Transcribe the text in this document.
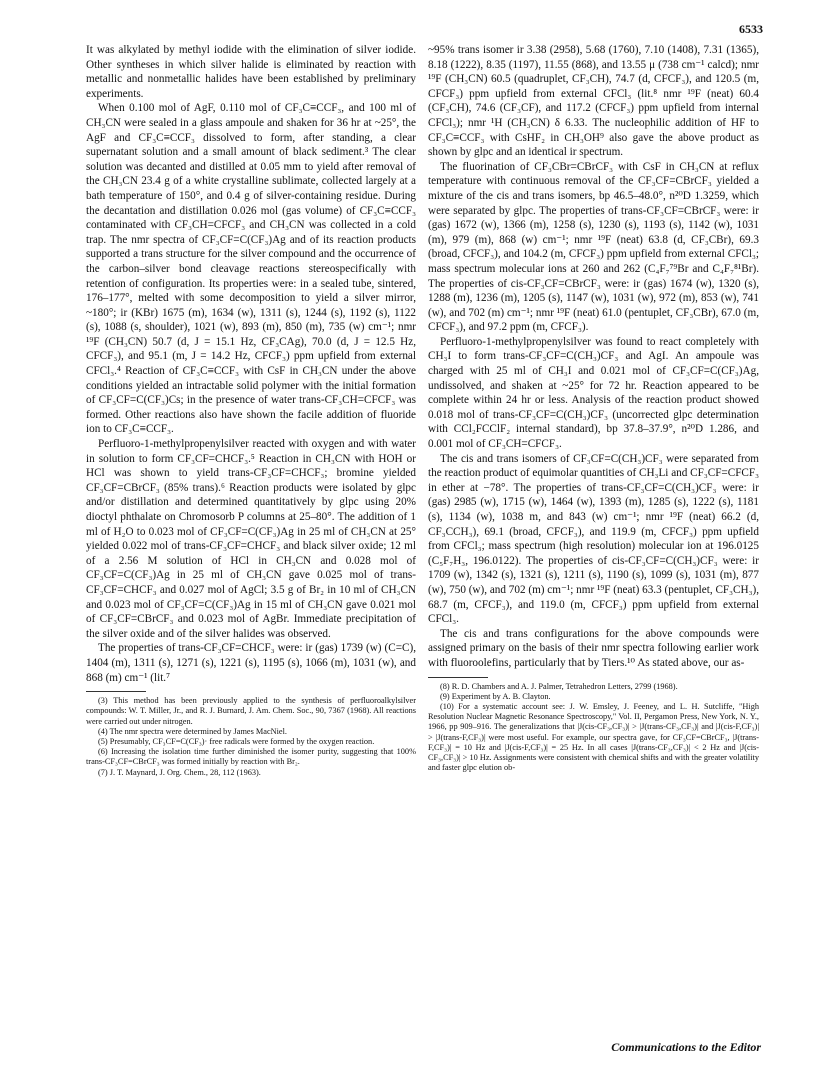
6533

It was alkylated by methyl iodide with the elimination of silver iodide. Other syntheses in which silver halide is eliminated by reaction with metallic and nonmetallic halides have been established by preliminary experiments.

When 0.100 mol of AgF, 0.110 mol of CF₃C≡CCF₃, and 100 ml of CH₃CN were sealed in a glass ampoule and shaken for 36 hr at ~25°, the AgF and CF₃C≡CCF₃ dissolved to form, after standing, a clear supernatant solution and a small amount of black sediment.³ The clear solution was decanted and distilled at 0.05 mm to yield after removal of the CH₃CN 23.4 g of a white crystalline sublimate, collected largely at a bath temperature of 150°, and 0.4 g of silver-containing residue. During the decantation and distillation 0.026 mol (gas volume) of CF₃C≡CCF₃ contaminated with CF₃CH=CFCF₃ and CH₃CN was collected in a cold trap. The nmr spectra of CF₃CF=C(CF₃)Ag and of its reaction products supported a trans structure for the silver compound and the occurrence of the carbon–silver bond cleavage reactions stereospecifically with retention of configuration. Its properties were: in a sealed tube, sintered, 176–177°, melted with some decomposition to yield a silver mirror, ~180°; ir (KBr) 1675 (m), 1634 (w), 1311 (s), 1244 (s), 1192 (s), 1122 (s), 1088 (s, shoulder), 1021 (w), 893 (m), 850 (m), 735 (w) cm⁻¹; nmr ¹⁹F (CH₃CN) 50.7 (d, J = 15.1 Hz, CF₃CAg), 70.0 (d, J = 12.5 Hz, CFCF₃), and 95.1 (m, J = 14.2 Hz, CFCF₃) ppm upfield from external CFCl₃.⁴ Reaction of CF₃C≡CCF₃ with CsF in CH₃CN under the above conditions yielded an intractable solid polymer with the initial formation of CF₃CF=C(CF₃)Cs; in the presence of water trans-CF₃CH=CFCF₃ was formed. Other reactions also have shown the facile addition of fluoride ion to CF₃C≡CCF₃.

Perfluoro-1-methylpropenylsilver reacted with oxygen and with water in solution to form CF₃CF=CHCF₃.⁵ Reaction in CH₃CN with HOH or HCl was shown to yield trans-CF₃CF=CHCF₃; bromine yielded CF₃CF=CBrCF₃ (85% trans).⁶ Reaction products were isolated by glpc and/or distillation and determined quantitatively by glpc using 20% dioctyl phthalate on Chromosorb P columns at 25–80°. The addition of 1 ml of H₂O to 0.023 mol of CF₃CF=C(CF₃)Ag in 25 ml of CH₃CN at 25° yielded 0.022 mol of trans-CF₃CF=CHCF₃ and black silver oxide; 12 ml of a 2.56 M solution of HCl in CH₃CN and 0.028 mol of CF₃CF=C(CF₃)Ag in 25 ml of CH₃CN gave 0.025 mol of trans-CF₃CF=CHCF₃ and 0.027 mol of AgCl; 3.5 g of Br₂ in 10 ml of CH₃CN and 0.023 mol of CF₃CF=C(CF₃)Ag in 15 ml of CH₃CN gave 0.021 mol of CF₃CF=CBrCF₃ and 0.023 mol of AgBr. Immediate precipitation of the silver oxide and of the silver halides was observed.

The properties of trans-CF₃CF=CHCF₃ were: ir (gas) 1739 (w) (C=C), 1404 (m), 1311 (s), 1271 (s), 1221 (s), 1195 (s), 1066 (m), 1031 (w), and 868 (m) cm⁻¹ (lit.⁷

(3) This method has been previously applied to the synthesis of perfluoroalkylsilver compounds: W. T. Miller, Jr., and R. J. Burnard, J. Am. Chem. Soc., 90, 7367 (1968). All reactions were carried out under nitrogen.

(4) The nmr spectra were determined by James MacNiel.

(5) Presumably, CF₃CF=C(CF₃)· free radicals were formed by the oxygen reaction.

(6) Increasing the isolation time further diminished the isomer purity, suggesting that 100% trans-CF₃CF=CBrCF₃ was formed initially by reaction with Br₂.

(7) J. T. Maynard, J. Org. Chem., 28, 112 (1963).

~95% trans isomer ir 3.38 (2958), 5.68 (1760), 7.10 (1408), 7.31 (1365), 8.18 (1222), 8.35 (1197), 11.55 (868), and 13.55 μ (738 cm⁻¹ calcd); nmr ¹⁹F (CH₃CN) 60.5 (quadruplet, CF₃CH), 74.7 (d, CFCF₃), and 120.5 (m, CFCF₃) ppm upfield from external CFCl₃ (lit.⁸ nmr ¹⁹F (neat) 60.4 (CF₃CH), 74.6 (CF₃CF), and 117.2 (CFCF₃) ppm upfield from internal CFCl₃); nmr ¹H (CH₃CN) δ 6.33. The nucleophilic addition of HF to CF₃C≡CCF₃ with CsHF₂ in CH₃OH⁹ also gave the above product as shown by glpc and an identical ir spectrum.

The fluorination of CF₃CBr=CBrCF₃ with CsF in CH₃CN at reflux temperature with continuous removal of the CF₃CF=CBrCF₃ yielded a mixture of the cis and trans isomers, bp 46.5–48.0°, n²⁰D 1.3259, which were separated by glpc. The properties of trans-CF₃CF=CBrCF₃ were: ir (gas) 1672 (w), 1366 (m), 1258 (s), 1230 (s), 1193 (s), 1142 (w), 1031 (m), 979 (m), 868 (w) cm⁻¹; nmr ¹⁹F (neat) 63.8 (d, CF₃CBr), 69.3 (broad, CFCF₃), and 104.2 (m, CFCF₃) ppm upfield from external CFCl₃; mass spectrum molecular ions at 260 and 262 (C₄F₇⁷⁹Br and C₄F₇⁸¹Br). The properties of cis-CF₃CF=CBrCF₃ were: ir (gas) 1674 (w), 1320 (s), 1288 (m), 1236 (m), 1205 (s), 1147 (w), 1031 (w), 972 (m), 853 (w), 741 (w), and 702 (m) cm⁻¹; nmr ¹⁹F (neat) 61.0 (pentuplet, CF₃CBr), 67.0 (m, CFCF₃), and 97.2 ppm (m, CFCF₃).

Perfluoro-1-methylpropenylsilver was found to react completely with CH₃I to form trans-CF₃CF=C(CH₃)CF₃ and AgI. An ampoule was charged with 25 ml of CH₃I and 0.021 mol of CF₃CF=C(CF₃)Ag, undissolved, and shaken at ~25° for 72 hr. Reaction appeared to be complete within 24 hr or less. Analysis of the reaction product showed 0.018 mol of trans-CF₃CF=C(CH₃)CF₃ (uncorrected glpc determination with CCl₂FCClF₂ internal standard), bp 37.8–37.9°, n²⁰D 1.286, and 0.001 mol of CF₃CH=CFCF₃.

The cis and trans isomers of CF₃CF=C(CH₃)CF₃ were separated from the reaction product of equimolar quantities of CH₃Li and CF₃CF=CFCF₃ in ether at −78°. The properties of trans-CF₃CF=C(CH₃)CF₃ were: ir (gas) 2985 (w), 1715 (w), 1464 (w), 1393 (m), 1285 (s), 1222 (s), 1181 (s), 1134 (w), 1038 m, and 843 (w) cm⁻¹; nmr ¹⁹F (neat) 66.2 (d, CF₃CCH₃), 69.1 (broad, CFCF₃), and 119.9 (m, CFCF₃) ppm upfield from CFCl₃; mass spectrum (high resolution) molecular ion at 196.0125 (C₅F₇H₃, 196.0122). The properties of cis-CF₃CF=C(CH₃)CF₃ were: ir 1709 (w), 1342 (s), 1321 (s), 1211 (s), 1190 (s), 1099 (s), 1031 (m), 877 (w), 750 (w), and 702 (m) cm⁻¹; nmr ¹⁹F (neat) 63.3 (pentuplet, CF₃CH₃), 68.7 (m, CFCF₃), and 119.0 (m, CFCF₃) ppm upfield from external CFCl₃.

The cis and trans configurations for the above compounds were assigned primary on the basis of their nmr spectra following earlier work with fluoroolefins, particularly that by Tiers.¹⁰ As stated above, our as-

(8) R. D. Chambers and A. J. Palmer, Tetrahedron Letters, 2799 (1968).

(9) Experiment by A. B. Clayton.

(10) For a systematic account see: J. W. Emsley, J. Feeney, and L. H. Sutcliffe, "High Resolution Nuclear Magnetic Resonance Spectroscopy," Vol. II, Pergamon Press, New York, N. Y., 1966, pp 909–916. The generalizations that |J(cis-CF₃,CF₃)| > |J(trans-CF₃,CF₃)| and |J(cis-F,CF₃)| > |J(trans-F,CF₃)| were most useful. For example, our spectra gave, for CF₃CF=CBrCF₃, |J(trans-F,CF₃)| = 10 Hz and |J(cis-F,CF₃)| = 25 Hz. In all cases |J(trans-CF₃,CF₃)| < 2 Hz and |J(cis-CF₃,CF₃)| > 10 Hz. Assignments were consistent with chemical shifts and with the greater volatility and faster glpc elution ob-

Communications to the Editor
